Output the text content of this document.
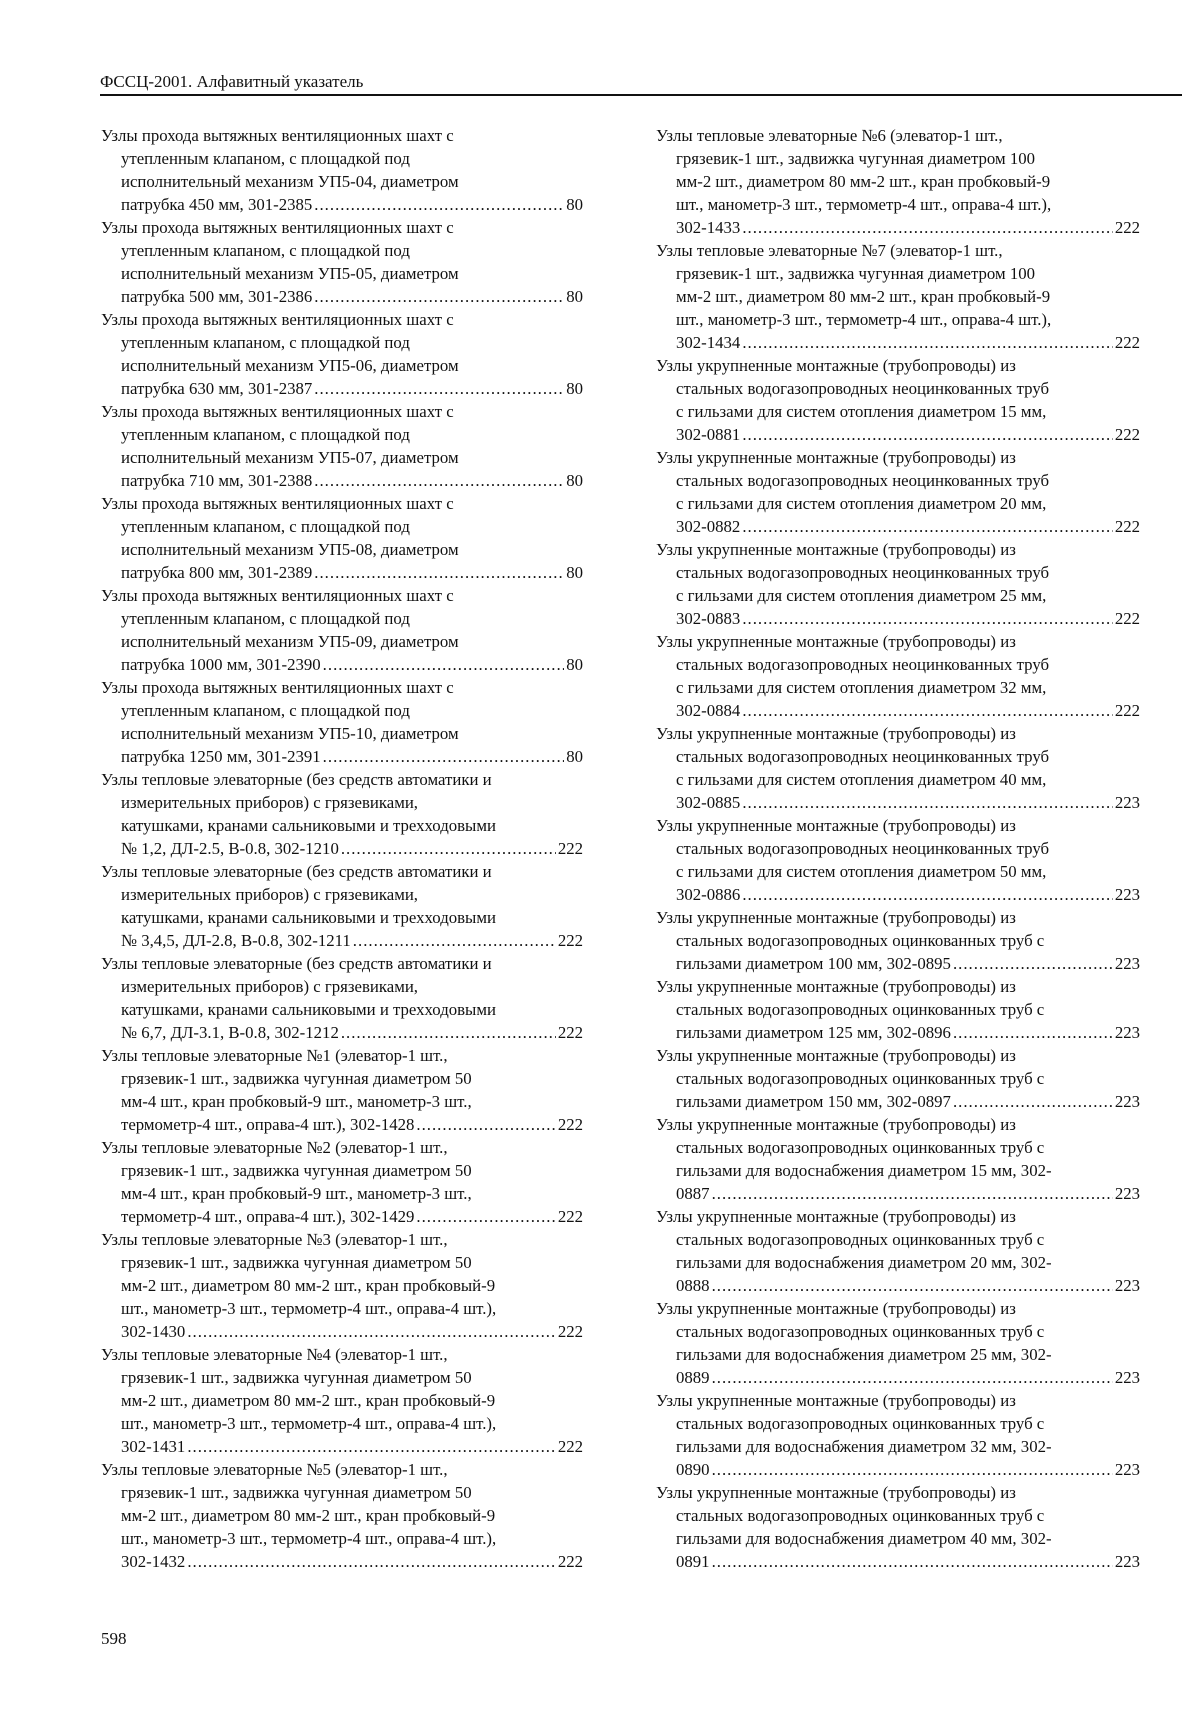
ФССЦ-2001. Алфавитный указатель
Узлы прохода вытяжных вентиляционных шахт с
утепленным клапаном, с площадкой под
исполнительный механизм УП5-04, диаметром
патрубка 450 мм, 301-2385 .....	80
Узлы прохода вытяжных вентиляционных шахт с
утепленным клапаном, с площадкой под
исполнительный механизм УП5-05, диаметром
патрубка 500 мм, 301-2386 .....	80
Узлы прохода вытяжных вентиляционных шахт с
утепленным клапаном, с площадкой под
исполнительный механизм УП5-06, диаметром
патрубка 630 мм, 301-2387 .....	80
Узлы прохода вытяжных вентиляционных шахт с
утепленным клапаном, с площадкой под
исполнительный механизм УП5-07, диаметром
патрубка 710 мм, 301-2388 .....	80
Узлы прохода вытяжных вентиляционных шахт с
утепленным клапаном, с площадкой под
исполнительный механизм УП5-08, диаметром
патрубка 800 мм, 301-2389 .....	80
Узлы прохода вытяжных вентиляционных шахт с
утепленным клапаном, с площадкой под
исполнительный механизм УП5-09, диаметром
патрубка 1000 мм, 301-2390 .....	80
Узлы прохода вытяжных вентиляционных шахт с
утепленным клапаном, с площадкой под
исполнительный механизм УП5-10, диаметром
патрубка 1250 мм, 301-2391 .....	80
Узлы тепловые элеваторные (без средств автоматики и
измерительных приборов) с грязевиками,
катушками, кранами сальниковыми и трехходовыми
№ 1,2, ДЛ-2.5, В-0.8, 302-1210 .....	222
Узлы тепловые элеваторные (без средств автоматики и
измерительных приборов) с грязевиками,
катушками, кранами сальниковыми и трехходовыми
№ 3,4,5, ДЛ-2.8, В-0.8, 302-1211 .....	222
Узлы тепловые элеваторные (без средств автоматики и
измерительных приборов) с грязевиками,
катушками, кранами сальниковыми и трехходовыми
№ 6,7, ДЛ-3.1, В-0.8, 302-1212 .....	222
Узлы тепловые элеваторные №1 (элеватор-1 шт.,
грязевик-1 шт., задвижка чугунная диаметром 50
мм-4 шт., кран пробковый-9 шт., манометр-3 шт.,
термометр-4 шт., оправа-4 шт.), 302-1428 .....	222
Узлы тепловые элеваторные №2 (элеватор-1 шт.,
грязевик-1 шт., задвижка чугунная диаметром 50
мм-4 шт., кран пробковый-9 шт., манометр-3 шт.,
термометр-4 шт., оправа-4 шт.), 302-1429 .....	222
Узлы тепловые элеваторные №3 (элеватор-1 шт.,
грязевик-1 шт., задвижка чугунная диаметром 50
мм-2 шт., диаметром 80 мм-2 шт., кран пробковый-9
шт., манометр-3 шт., термометр-4 шт., оправа-4 шт.),
302-1430 .....	222
Узлы тепловые элеваторные №4 (элеватор-1 шт.,
грязевик-1 шт., задвижка чугунная диаметром 50
мм-2 шт., диаметром 80 мм-2 шт., кран пробковый-9
шт., манометр-3 шт., термометр-4 шт., оправа-4 шт.),
302-1431 .....	222
Узлы тепловые элеваторные №5 (элеватор-1 шт.,
грязевик-1 шт., задвижка чугунная диаметром 50
мм-2 шт., диаметром 80 мм-2 шт., кран пробковый-9
шт., манометр-3 шт., термометр-4 шт., оправа-4 шт.),
302-1432 .....	222
Узлы тепловые элеваторные №6 (элеватор-1 шт.,
грязевик-1 шт., задвижка чугунная диаметром 100
мм-2 шт., диаметром 80 мм-2 шт., кран пробковый-9
шт., манометр-3 шт., термометр-4 шт., оправа-4 шт.),
302-1433 .....	222
Узлы тепловые элеваторные №7 (элеватор-1 шт.,
грязевик-1 шт., задвижка чугунная диаметром 100
мм-2 шт., диаметром 80 мм-2 шт., кран пробковый-9
шт., манометр-3 шт., термометр-4 шт., оправа-4 шт.),
302-1434 .....	222
Узлы укрупненные монтажные (трубопроводы) из
стальных водогазопроводных неоцинкованных труб
с гильзами для систем отопления диаметром 15 мм,
302-0881 .....	222
Узлы укрупненные монтажные (трубопроводы) из
стальных водогазопроводных неоцинкованных труб
с гильзами для систем отопления диаметром 20 мм,
302-0882 .....	222
Узлы укрупненные монтажные (трубопроводы) из
стальных водогазопроводных неоцинкованных труб
с гильзами для систем отопления диаметром 25 мм,
302-0883 .....	222
Узлы укрупненные монтажные (трубопроводы) из
стальных водогазопроводных неоцинкованных труб
с гильзами для систем отопления диаметром 32 мм,
302-0884 .....	222
Узлы укрупненные монтажные (трубопроводы) из
стальных водогазопроводных неоцинкованных труб
с гильзами для систем отопления диаметром 40 мм,
302-0885 .....	223
Узлы укрупненные монтажные (трубопроводы) из
стальных водогазопроводных неоцинкованных труб
с гильзами для систем отопления диаметром 50 мм,
302-0886 .....	223
Узлы укрупненные монтажные (трубопроводы) из
стальных водогазопроводных оцинкованных труб с
гильзами диаметром 100 мм, 302-0895 .....	223
Узлы укрупненные монтажные (трубопроводы) из
стальных водогазопроводных оцинкованных труб с
гильзами диаметром 125 мм, 302-0896 .....	223
Узлы укрупненные монтажные (трубопроводы) из
стальных водогазопроводных оцинкованных труб с
гильзами диаметром 150 мм, 302-0897 .....	223
Узлы укрупненные монтажные (трубопроводы) из
стальных водогазопроводных оцинкованных труб с
гильзами для водоснабжения диаметром 15 мм, 302-
0887 .....	223
Узлы укрупненные монтажные (трубопроводы) из
стальных водогазопроводных оцинкованных труб с
гильзами для водоснабжения диаметром 20 мм, 302-
0888 .....	223
Узлы укрупненные монтажные (трубопроводы) из
стальных водогазопроводных оцинкованных труб с
гильзами для водоснабжения диаметром 25 мм, 302-
0889 .....	223
Узлы укрупненные монтажные (трубопроводы) из
стальных водогазопроводных оцинкованных труб с
гильзами для водоснабжения диаметром 32 мм, 302-
0890 .....	223
Узлы укрупненные монтажные (трубопроводы) из
стальных водогазопроводных оцинкованных труб с
гильзами для водоснабжения диаметром 40 мм, 302-
0891 .....	223
598
